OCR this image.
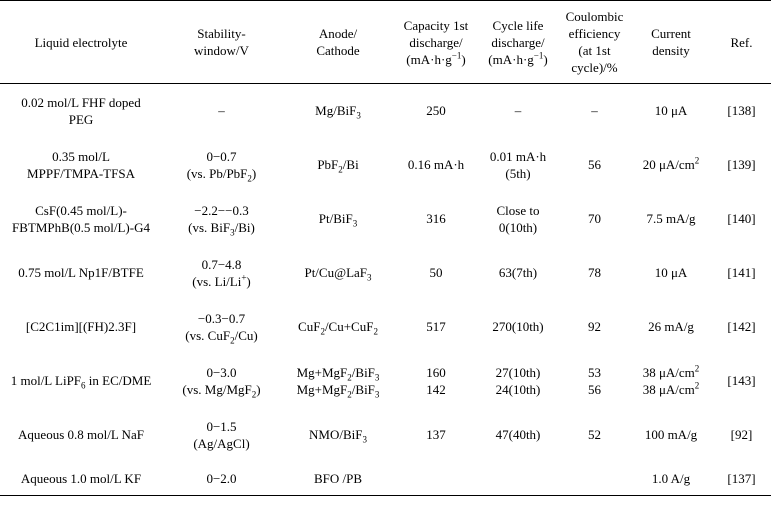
Liquid electrolyte	Stability-
window/V	Anode/
Cathode	Capacity 1st
discharge/
$(mA\cdot h\cdot g^{-1})$	Cycle life
discharge/
$(mA\cdot h\cdot g^{-1})$	Coulombic
efficiency
(at 1st
cycle)/%	Current
density	Ref.
0.02 mol/L FHF doped
PEG	–	Mg/BiF$_3$	250	–	–	10 μA	[138]
0.35 mol/L
MPPF/TMPA-TFSA	0−0.7
(vs. Pb/PbF$_2$)	PbF$_2$/Bi	0.16 mA·h	0.01 mA·h
(5th)	56	20 $\mu A/cm^2$	[139]
CsF(0.45 mol/L)-
FBTMPhB(0.5 mol/L)-G4	−2.2−−0.3
(vs. BiF$_3$/Bi)	Pt/BiF$_3$	316	Close to
0(10th)	70	7.5 mA/g	[140]
0.75 mol/L Np1F/BTFE	0.7−4.8
(vs. Li/Li+)	Pt/Cu@LaF$_3$	50	63(7th)	78	10 μA	[141]
[C2C1im][(FH)2.3F]	−0.3−0.7
(vs. CuF$_2$/Cu)	CuF$_2$/Cu+CuF$_2$	517	270(10th)	92	26 mA/g	[142]
1 mol/L LiPF$_6$ in EC/DME	0−3.0
(vs. Mg/MgF$_2$)	Mg+MgF$_2$/BiF$_3$
Mg+MgF$_2$/BiF$_3$	160
142	27(10th)
24(10th)	53
56	38 $\mu A/cm^2$
38 $\mu A/cm^2$	[143]
Aqueous 0.8 mol/L NaF	0−1.5
(Ag/AgCl)	NMO/BiF$_3$	137	47(40th)	52	100 mA/g	[92]
Aqueous 1.0 mol/L KF	0−2.0	BFO /PB				1.0 A/g	[137]
